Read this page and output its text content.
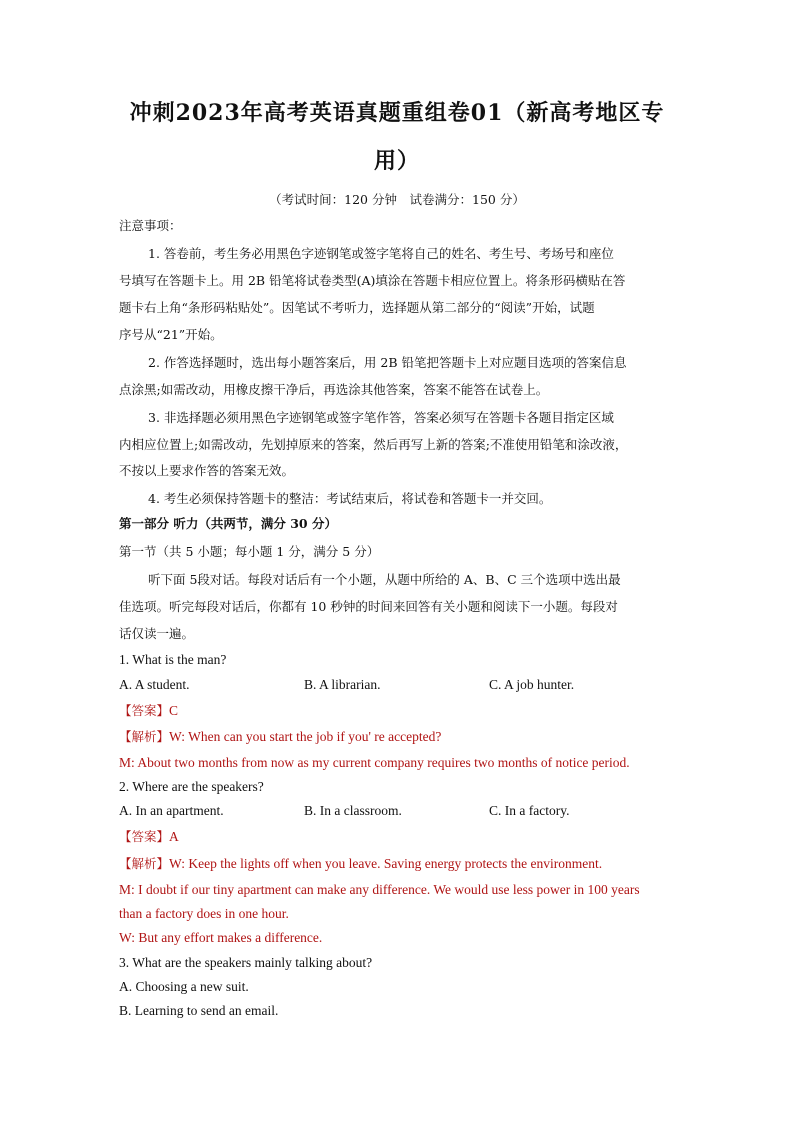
冲刺2023年高考英语真题重组卷01（新高考地区专
用）
（考试时间：120 分钟　试卷满分：150 分）
注意事项：
1. 答卷前，考生务必用黑色字迹钢笔或签字笔将自己的姓名、考生号、考场号和座位
号填写在答题卡上。用 2B 铅笔将试卷类型(A)填涂在答题卡相应位置上。将条形码横贴在答
题卡右上角“条形码粘贴处”。因笔试不考听力，选择题从第二部分的“阅读”开始，试题
序号从“21”开始。
2. 作答选择题时，选出每小题答案后，用 2B 铅笔把答题卡上对应题目选项的答案信息
点涂黑;如需改动，用橡皮擦干净后，再选涂其他答案，答案不能答在试卷上。
3. 非选择题必须用黑色字迹钢笔或签字笔作答，答案必须写在答题卡各题目指定区域
内相应位置上;如需改动，先划掉原来的答案，然后再写上新的答案;不准使用铅笔和涂改液，
不按以上要求作答的答案无效。
4. 考生必须保持答题卡的整洁：考试结束后，将试卷和答题卡一并交回。
第一部分 听力（共两节，满分 30 分）
第一节（共 5 小题；每小题 1 分，满分 5 分）
听下面 5段对话。每段对话后有一个小题，从题中所给的 A、B、C 三个选项中选出最
佳选项。听完每段对话后，你都有 10 秒钟的时间来回答有关小题和阅读下一小题。每段对
话仅读一遍。
1. What is the man?
A. A student.	B. A librarian.	C. A job hunter.
【答案】C
【解析】W: When can you start the job if you' re accepted?
M: About two months from now as my current company requires two months of notice period.
2. Where are the speakers?
A. In an apartment.	B. In a classroom.	C. In a factory.
【答案】A
【解析】W: Keep the lights off when you leave. Saving energy protects the environment.
M: I doubt if our tiny apartment can make any difference. We would use less power in 100 years
than a factory does in one hour.
W: But any effort makes a difference.
3. What are the speakers mainly talking about?
A. Choosing a new suit.
B. Learning to send an email.
